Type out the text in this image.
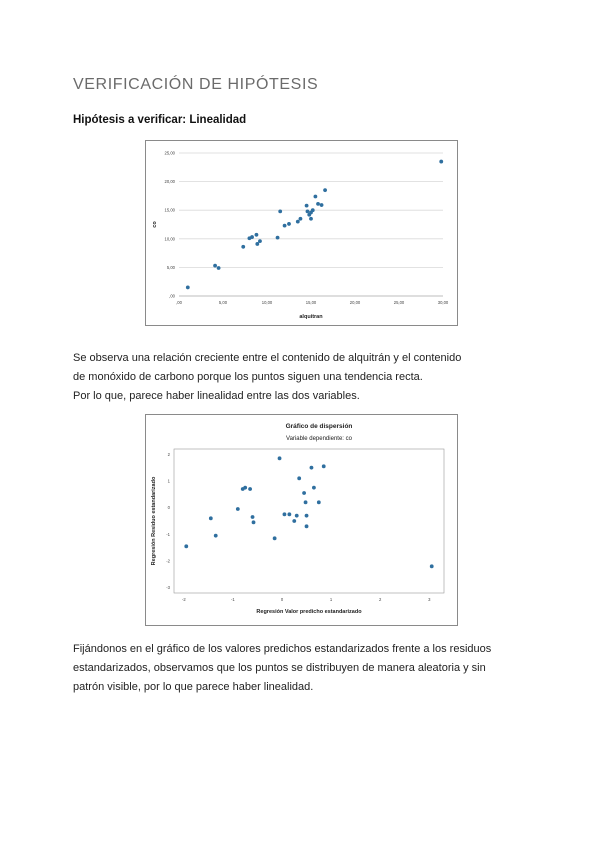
VERIFICACIÓN DE HIPÓTESIS
Hipótesis a verificar: Linealidad
,00
5,00
10,00
15,00
20,00
25,00
,00	5,00	10,00	15,00	20,00	25,00	30,00
alquitran
co
Se observa una relación creciente entre el contenido de alquitrán y el contenido
de monóxido de carbono porque los puntos siguen una tendencia recta.
Por lo que, parece haber linealidad entre las dos variables.
-3
-2
-1
0
1
2
-2	-1	0	1	2	3
Regresión Valor predicho estandarizado
Regresión Residuo estandarizado
Gráfico de dispersión
Variable dependiente: co
Fijándonos en el gráfico de los valores predichos estandarizados frente a los residuos
estandarizados, observamos que los puntos se distribuyen de manera aleatoria y sin
patrón visible, por lo que parece haber linealidad.
